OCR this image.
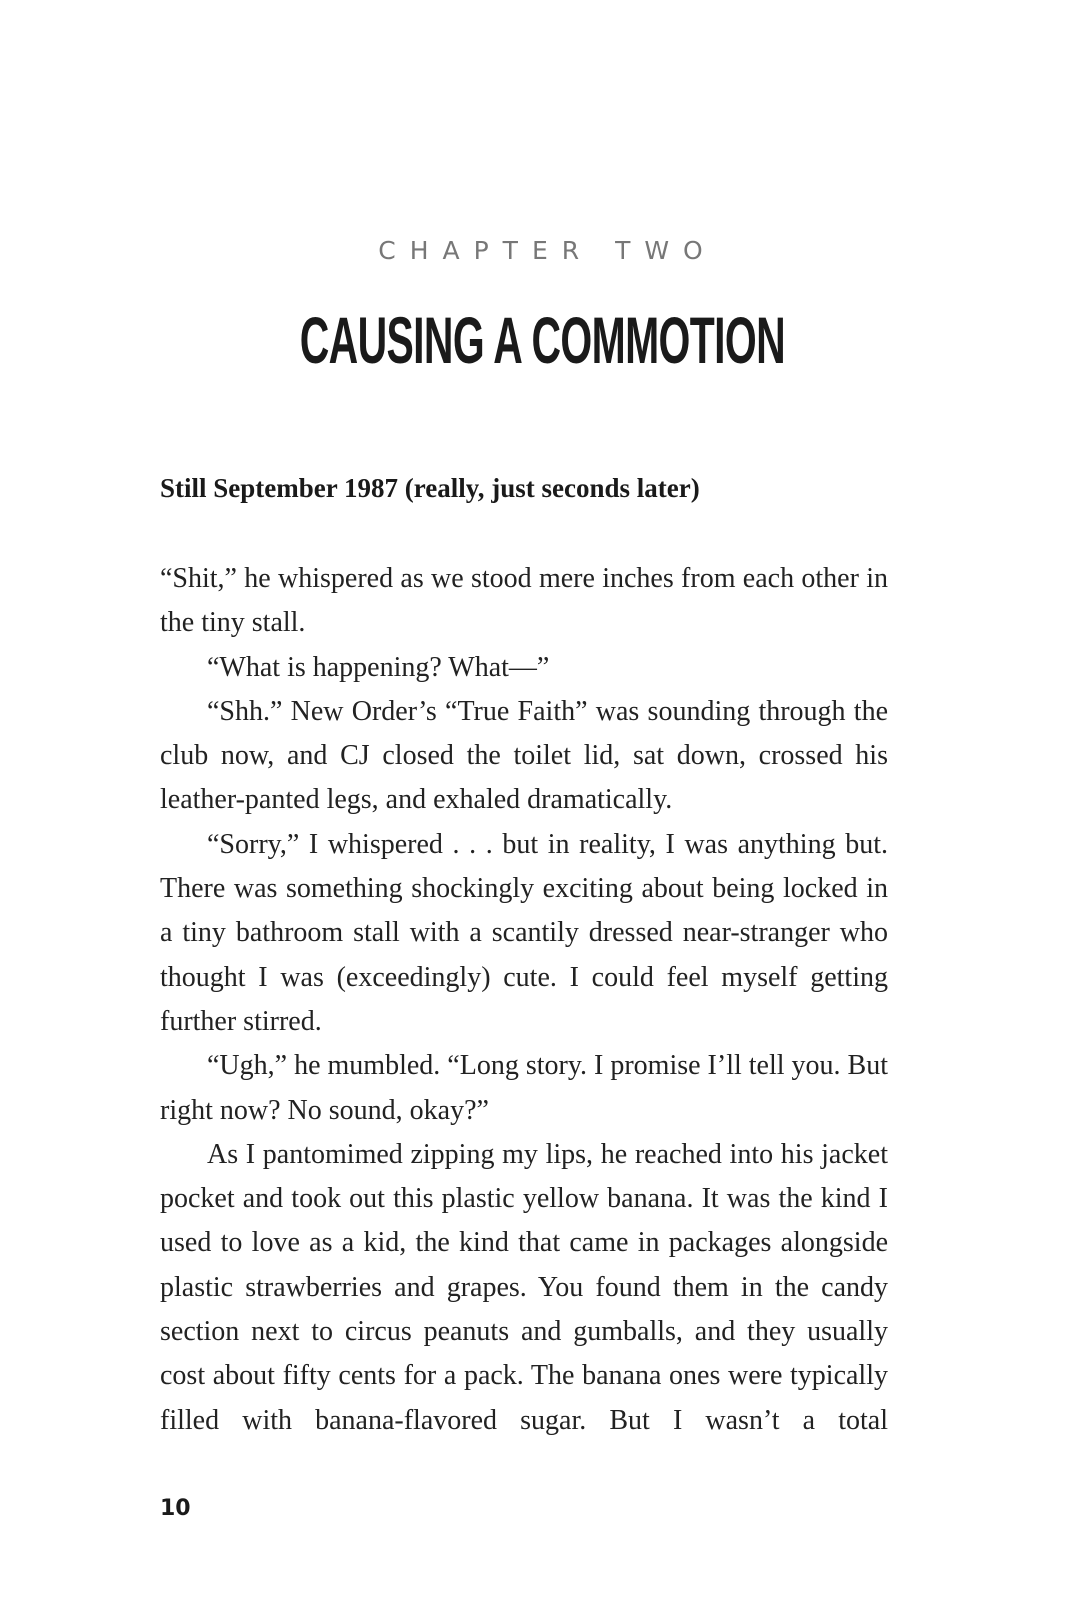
CHAPTER TWO
CAUSING A COMMOTION
Still September 1987 (really, just seconds later)

“Shit,” he whispered as we stood mere inches from each other in the tiny stall.

“What is happening? What—”

“Shh.” New Order’s “True Faith” was sounding through the club now, and CJ closed the toilet lid, sat down, crossed his leather-panted legs, and exhaled dramatically.

“Sorry,” I whispered . . . but in reality, I was anything but. There was something shockingly exciting about being locked in a tiny bathroom stall with a scantily dressed near-stranger who thought I was (exceedingly) cute. I could feel myself getting further stirred.

“Ugh,” he mumbled. “Long story. I promise I’ll tell you. But right now? No sound, okay?”

As I pantomimed zipping my lips, he reached into his jacket pocket and took out this plastic yellow banana. It was the kind I used to love as a kid, the kind that came in packages alongside plastic strawberries and grapes. You found them in the candy section next to circus peanuts and gumballs, and they usually cost about fifty cents for a pack. The banana ones were typically filled with banana-flavored sugar. But I wasn’t a total

10
